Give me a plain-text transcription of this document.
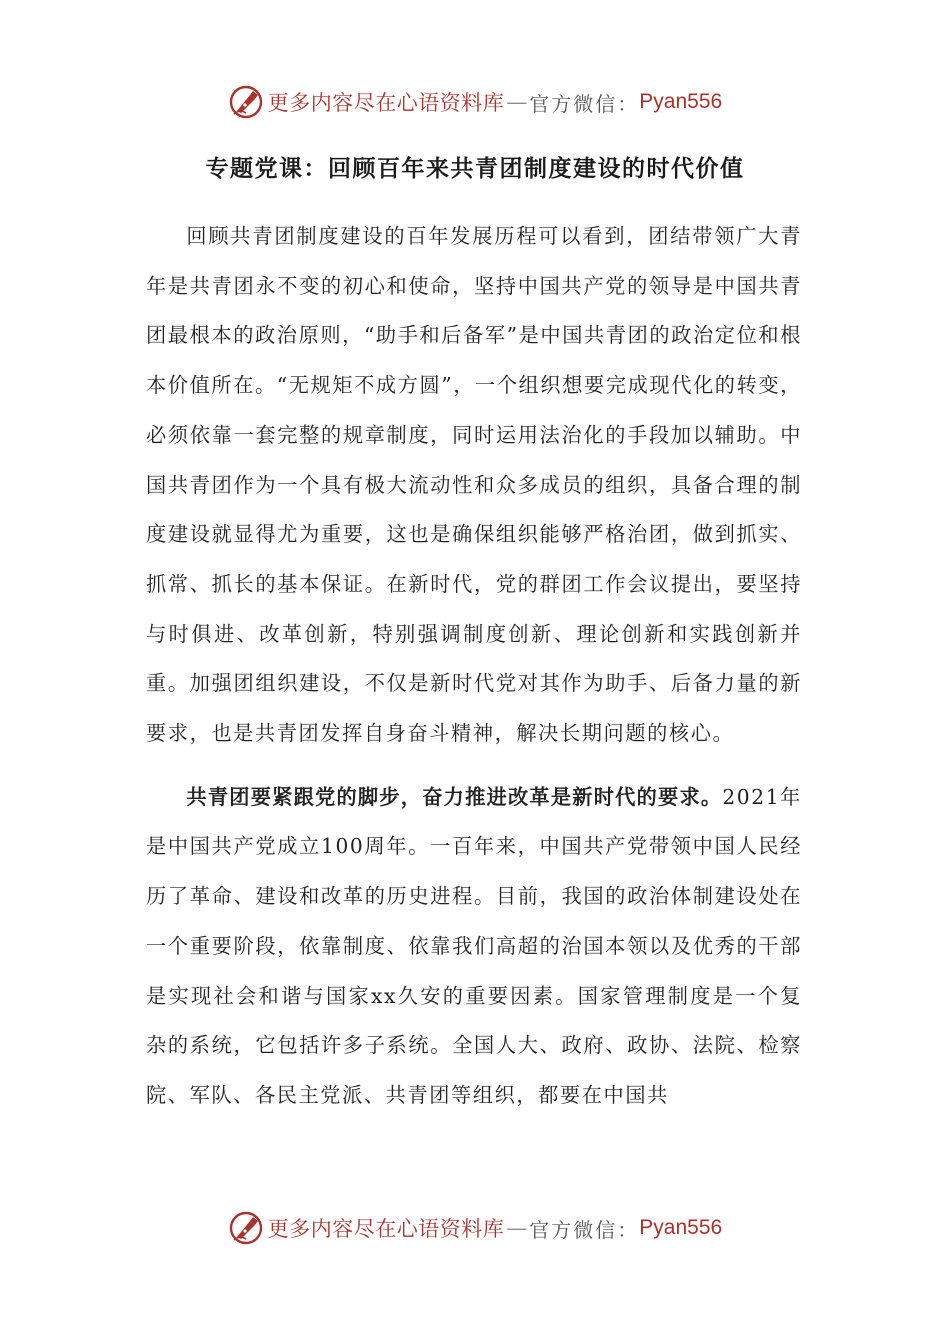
更多内容尽在心语资料库 — 官方微信： Pyan556
专题党课：回顾百年来共青团制度建设的时代价值

回顾共青团制度建设的百年发展历程可以看到，团结带领广大青年是共青团永不变的初心和使命，坚持中国共产党的领导是中国共青团最根本的政治原则，“助手和后备军”是中国共青团的政治定位和根本价值所在。“无规矩不成方圆”，一个组织想要完成现代化的转变，必须依靠一套完整的规章制度，同时运用法治化的手段加以辅助。中国共青团作为一个具有极大流动性和众多成员的组织，具备合理的制度建设就显得尤为重要，这也是确保组织能够严格治团，做到抓实、抓常、抓长的基本保证。在新时代，党的群团工作会议提出，要坚持与时俱进、改革创新，特别强调制度创新、理论创新和实践创新并重。加强团组织建设，不仅是新时代党对其作为助手、后备力量的新要求，也是共青团发挥自身奋斗精神，解决长期问题的核心。

共青团要紧跟党的脚步，奋力推进改革是新时代的要求。2021年是中国共产党成立100周年。一百年来，中国共产党带领中国人民经历了革命、建设和改革的历史进程。目前，我国的政治体制建设处在一个重要阶段，依靠制度、依靠我们高超的治国本领以及优秀的干部是实现社会和谐与国家xx久安的重要因素。国家管理制度是一个复杂的系统，它包括许多子系统。全国人大、政府、政协、法院、检察院、军队、各民主党派、共青团等组织，都要在中国共

更多内容尽在心语资料库 — 官方微信： Pyan556
